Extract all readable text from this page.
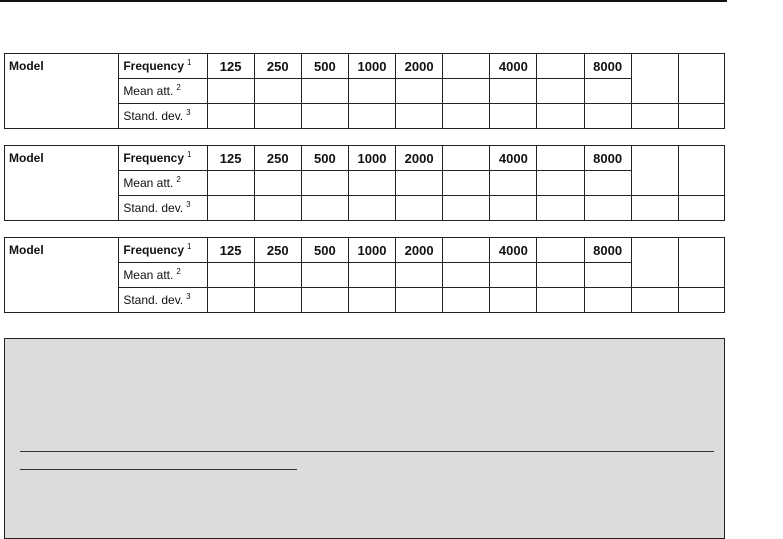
Model	Frequency $^1$	125	250	500	1000	2000		4000		8000		
	Mean att. $^2$									
	Stand. dev. $^3$											
Model	Frequency $^1$	125	250	500	1000	2000		4000		8000		
	Mean att. $^2$									
	Stand. dev. $^3$											
Model	Frequency $^1$	125	250	500	1000	2000		4000		8000		
	Mean att. $^2$									
	Stand. dev. $^3$											
